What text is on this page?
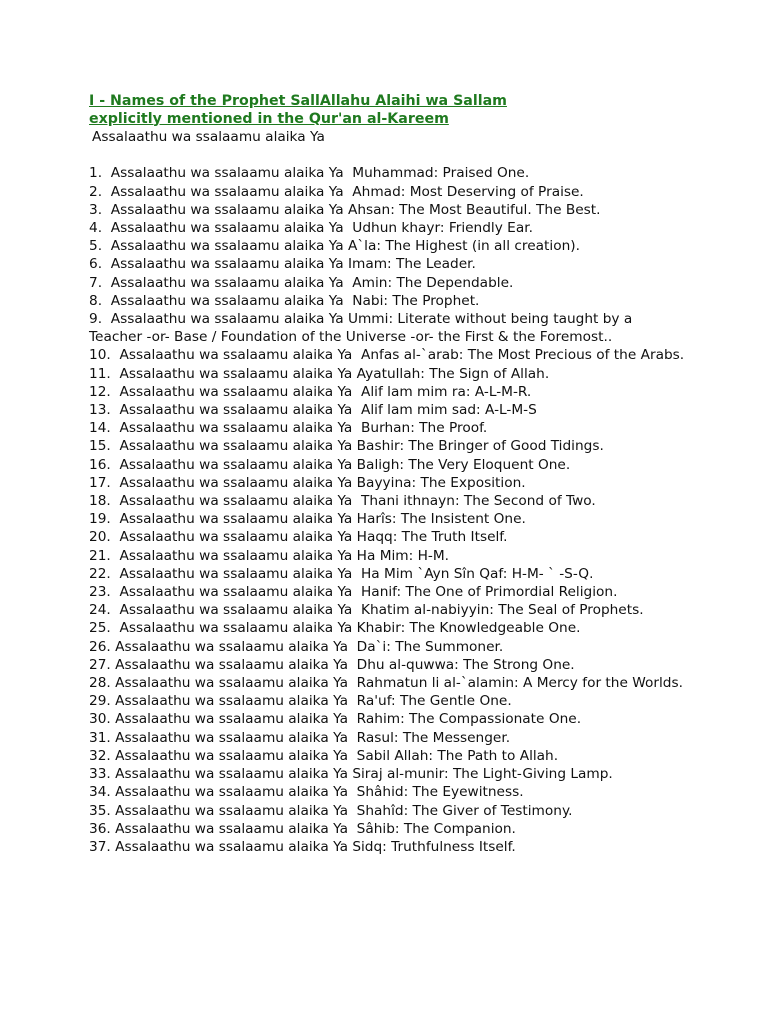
I - Names of the Prophet SallAllahu Alaihi wa Sallam
explicitly mentioned in the Qur'an al-Kareem
Assalaathu wa ssalaamu alaika Ya
1.  Assalaathu wa ssalaamu alaika Ya  Muhammad: Praised One.
2.  Assalaathu wa ssalaamu alaika Ya  Ahmad: Most Deserving of Praise.
3.  Assalaathu wa ssalaamu alaika Ya Ahsan: The Most Beautiful. The Best.
4.  Assalaathu wa ssalaamu alaika Ya  Udhun khayr: Friendly Ear.
5.  Assalaathu wa ssalaamu alaika Ya A`la: The Highest (in all creation).
6.  Assalaathu wa ssalaamu alaika Ya Imam: The Leader.
7.  Assalaathu wa ssalaamu alaika Ya  Amin: The Dependable.
8.  Assalaathu wa ssalaamu alaika Ya  Nabi: The Prophet.
9.  Assalaathu wa ssalaamu alaika Ya Ummi: Literate without being taught by a Teacher -or- Base / Foundation of the Universe -or- the First & the Foremost..
10.  Assalaathu wa ssalaamu alaika Ya  Anfas al-`arab: The Most Precious of the Arabs.
11.  Assalaathu wa ssalaamu alaika Ya Ayatullah: The Sign of Allah.
12.  Assalaathu wa ssalaamu alaika Ya  Alif lam mim ra: A-L-M-R.
13.  Assalaathu wa ssalaamu alaika Ya  Alif lam mim sad: A-L-M-S
14.  Assalaathu wa ssalaamu alaika Ya  Burhan: The Proof.
15.  Assalaathu wa ssalaamu alaika Ya Bashir: The Bringer of Good Tidings.
16.  Assalaathu wa ssalaamu alaika Ya Baligh: The Very Eloquent One.
17.  Assalaathu wa ssalaamu alaika Ya Bayyina: The Exposition.
18.  Assalaathu wa ssalaamu alaika Ya  Thani ithnayn: The Second of Two.
19.  Assalaathu wa ssalaamu alaika Ya Harîs: The Insistent One.
20.  Assalaathu wa ssalaamu alaika Ya Haqq: The Truth Itself.
21.  Assalaathu wa ssalaamu alaika Ya Ha Mim: H-M.
22.  Assalaathu wa ssalaamu alaika Ya  Ha Mim `Ayn Sîn Qaf: H-M- ` -S-Q.
23.  Assalaathu wa ssalaamu alaika Ya  Hanif: The One of Primordial Religion.
24.  Assalaathu wa ssalaamu alaika Ya  Khatim al-nabiyyin: The Seal of Prophets.
25.  Assalaathu wa ssalaamu alaika Ya Khabir: The Knowledgeable One.
26. Assalaathu wa ssalaamu alaika Ya  Da`i: The Summoner.
27. Assalaathu wa ssalaamu alaika Ya  Dhu al-quwwa: The Strong One.
28. Assalaathu wa ssalaamu alaika Ya  Rahmatun li al-`alamin: A Mercy for the Worlds.
29. Assalaathu wa ssalaamu alaika Ya  Ra'uf: The Gentle One.
30. Assalaathu wa ssalaamu alaika Ya  Rahim: The Compassionate One.
31. Assalaathu wa ssalaamu alaika Ya  Rasul: The Messenger.
32. Assalaathu wa ssalaamu alaika Ya  Sabil Allah: The Path to Allah.
33. Assalaathu wa ssalaamu alaika Ya Siraj al-munir: The Light-Giving Lamp.
34. Assalaathu wa ssalaamu alaika Ya  Shâhid: The Eyewitness.
35. Assalaathu wa ssalaamu alaika Ya  Shahîd: The Giver of Testimony.
36. Assalaathu wa ssalaamu alaika Ya  Sâhib: The Companion.
37. Assalaathu wa ssalaamu alaika Ya Sidq: Truthfulness Itself.
